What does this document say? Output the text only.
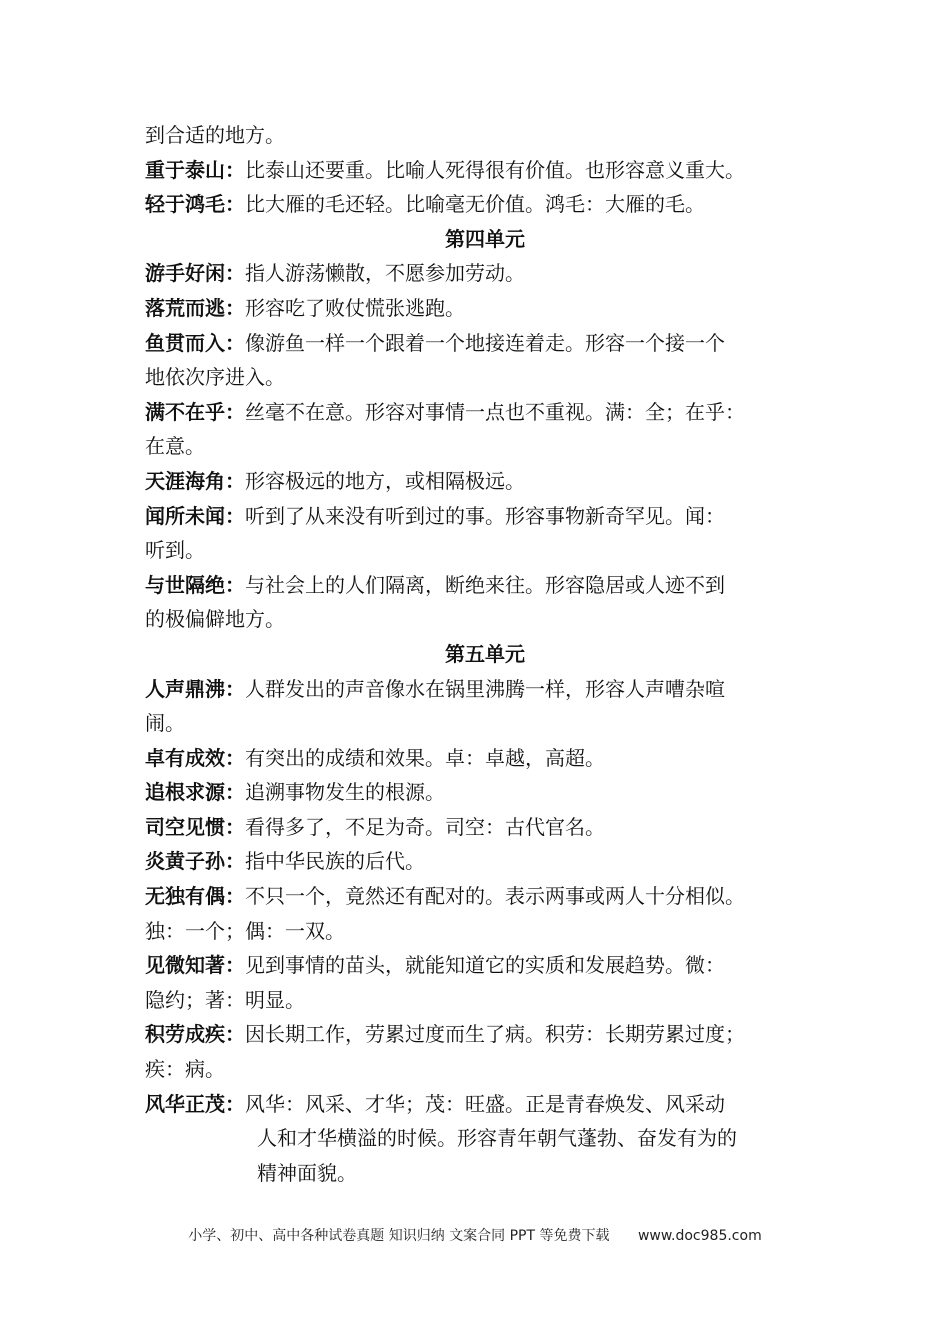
到合适的地方。
重于泰山：比泰山还要重。比喻人死得很有价值。也形容意义重大。
轻于鸿毛：比大雁的毛还轻。比喻毫无价值。鸿毛：大雁的毛。
第四单元
游手好闲：指人游荡懒散，不愿参加劳动。
落荒而逃：形容吃了败仗慌张逃跑。
鱼贯而入：像游鱼一样一个跟着一个地接连着走。形容一个接一个
地依次序进入。
满不在乎：丝毫不在意。形容对事情一点也不重视。满：全；在乎：
在意。
天涯海角：形容极远的地方，或相隔极远。
闻所未闻：听到了从来没有听到过的事。形容事物新奇罕见。闻：
听到。
与世隔绝：与社会上的人们隔离，断绝来往。形容隐居或人迹不到
的极偏僻地方。
第五单元
人声鼎沸：人群发出的声音像水在锅里沸腾一样，形容人声嘈杂喧
闹。
卓有成效：有突出的成绩和效果。卓：卓越，高超。
追根求源：追溯事物发生的根源。
司空见惯：看得多了，不足为奇。司空：古代官名。
炎黄子孙：指中华民族的后代。
无独有偶：不只一个，竟然还有配对的。表示两事或两人十分相似。
独：一个；偶：一双。
见微知著：见到事情的苗头，就能知道它的实质和发展趋势。微：
隐约；著：明显。
积劳成疾：因长期工作，劳累过度而生了病。积劳：长期劳累过度；
疾：病。
风华正茂：风华：风采、才华；茂：旺盛。正是青春焕发、风采动
人和才华横溢的时候。形容青年朝气蓬勃、奋发有为的
精神面貌。
小学、初中、高中各种试卷真题 知识归纳 文案合同 PPT 等免费下载 www.doc985.com
